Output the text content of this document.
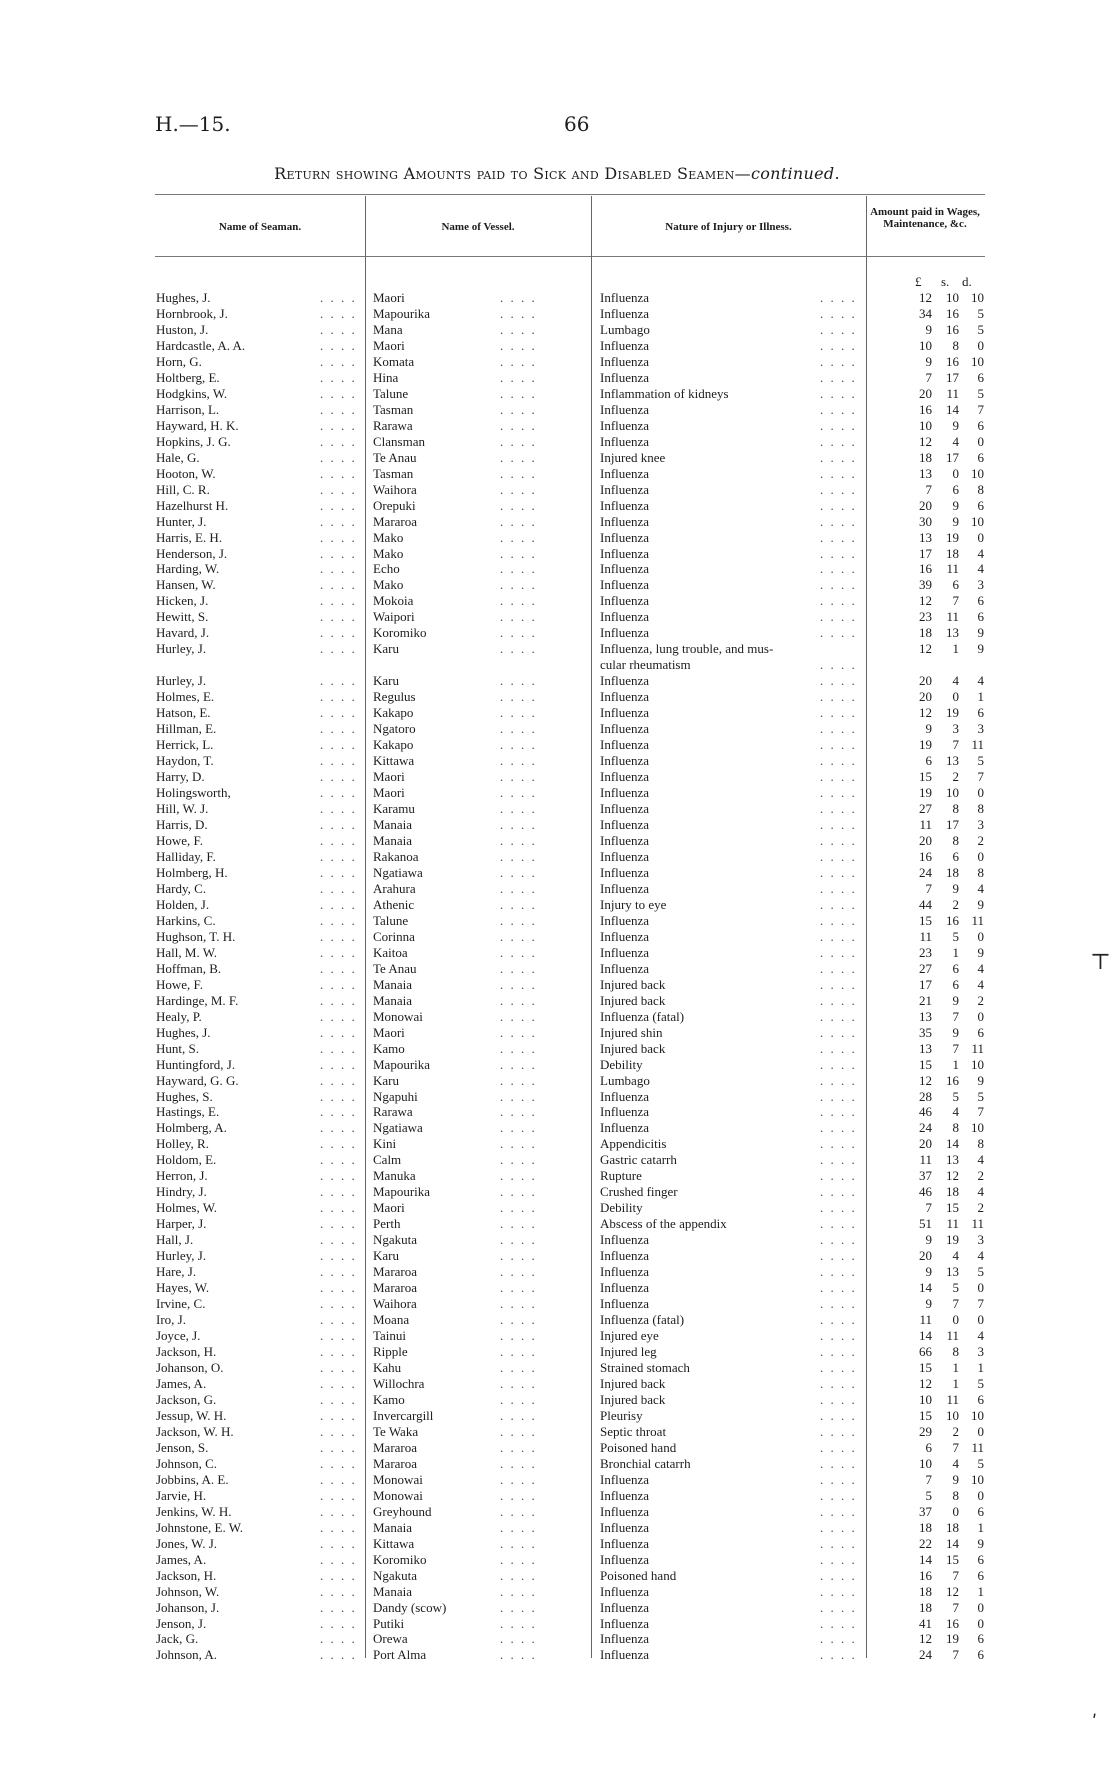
H.—15.	66
Return showing Amounts paid to Sick and Disabled Seamen—continued.
Name of Seaman.	Name of Vessel.	Nature of Injury or Illness.
Amount paid in Wages, Maintenance, &c.
£ s. d.
Hughes, J.	. . . . Maori	. . . .	Influenza	. . . .	12	10 10
Hornbrook, J.	. . . . Mapourika	. . . .	Influenza	. . . .	34	16	5
Huston, J.	. . . . Mana	. . . .	Lumbago	. . . .	9	16	5
Hardcastle, A. A.	. . . . Maori	. . . .	Influenza	. . . .	10	8	0
Horn, G.	. . . . Komata	. . . .	Influenza	. . . .	9	16 10
Holtberg, E.	. . . . Hina	. . . .	Influenza	. . . .	7	17	6
Hodgkins, W.	. . . . Talune	. . . .	Inflammation of kidneys	. . . .	20	11	5
Harrison, L.	. . . . Tasman	. . . .	Influenza	. . . .	16	14	7
Hayward, H. K.	. . . . Rarawa	. . . .	Influenza	. . . .	10	9	6
Hopkins, J. G.	. . . . Clansman	. . . .	Influenza	. . . .	12	4	0
Hale, G.	. . . . Te Anau	. . . .	Injured knee	. . . .	18	17	6
Hooton, W.	. . . . Tasman	. . . .	Influenza	. . . .	13	0 10
Hill, C. R.	. . . . Waihora	. . . .	Influenza	. . . .	7	6	8
Hazelhurst H.	. . . . Orepuki	. . . .	Influenza	. . . .	20	9	6
Hunter, J.	. . . . Mararoa	. . . .	Influenza	. . . .	30	9 10
Harris, E. H.	. . . . Mako	. . . .	Influenza	. . . .	13	19	0
Henderson, J.	. . . . Mako	. . . .	Influenza	. . . .	17	18	4
Harding, W.	. . . . Echo	. . . .	Influenza	. . . .	16	11	4
Hansen, W.	. . . . Mako	. . . .	Influenza	. . . .	39	6	3
Hicken, J.	. . . . Mokoia	. . . .	Influenza	. . . .	12	7	6
Hewitt, S.	. . . . Waipori	. . . .	Influenza	. . . .	23	11	6
Havard, J.	. . . . Koromiko	. . . .	Influenza	. . . .	18	13	9
Hurley, J.	. . . . Karu	. . . .	Influenza, lung trouble, and mus-	12	1	9
cular rheumatism	. . . .
Hurley, J.	. . . . Karu	. . . .	Influenza	. . . .	20	4	4
Holmes, E.	. . . . Regulus	. . . .	Influenza	. . . .	20	0	1
Hatson, E.	. . . . Kakapo	. . . .	Influenza	. . . .	12	19	6
Hillman, E.	. . . . Ngatoro	. . . .	Influenza	. . . .	9	3	3
Herrick, L.	. . . . Kakapo	. . . .	Influenza	. . . .	19	7 11
Haydon, T.	. . . . Kittawa	. . . .	Influenza	. . . .	6	13	5
Harry, D.	. . . . Maori	. . . .	Influenza	. . . .	15	2	7
Holingsworth,	. . . . Maori	. . . .	Influenza	. . . .	19	10	0
Hill, W. J.	. . . . Karamu	. . . .	Influenza	. . . .	27	8	8
Harris, D.	. . . . Manaia	. . . .	Influenza	. . . .	11	17	3
Howe, F.	. . . . Manaia	. . . .	Influenza	. . . .	20	8	2
Halliday, F.	. . . . Rakanoa	. . . .	Influenza	. . . .	16	6	0
Holmberg, H.	. . . . Ngatiawa	. . . .	Influenza	. . . .	24	18	8
Hardy, C.	. . . . Arahura	. . . .	Influenza	. . . .	7	9	4
Holden, J.	. . . . Athenic	. . . .	Injury to eye	. . . .	44	2	9
Harkins, C.	. . . . Talune	. . . .	Influenza	. . . .	15	16 11
Hughson, T. H.	. . . . Corinna	. . . .	Influenza	. . . .	11	5	0
Hall, M. W.	. . . . Kaitoa	. . . .	Influenza	. . . .	23	1	9
Hoffman, B.	. . . . Te Anau	. . . .	Influenza	. . . .	27	6	4
Howe, F.	. . . . Manaia	. . . .	Injured back	. . . .	17	6	4
Hardinge, M. F.	. . . . Manaia	. . . .	Injured back	. . . .	21	9	2
Healy, P.	. . . . Monowai	. . . .	Influenza (fatal)	. . . .	13	7	0
Hughes, J.	. . . . Maori	. . . .	Injured shin	. . . .	35	9	6
Hunt, S.	. . . . Kamo	. . . .	Injured back	. . . .	13	7 11
Huntingford, J.	. . . . Mapourika	. . . .	Debility	. . . .	15	1 10
Hayward, G. G.	. . . . Karu	. . . .	Lumbago	. . . .	12	16	9
Hughes, S.	. . . . Ngapuhi	. . . .	Influenza	. . . .	28	5	5
Hastings, E.	. . . . Rarawa	. . . .	Influenza	. . . .	46	4	7
Holmberg, A.	. . . . Ngatiawa	. . . .	Influenza	. . . .	24	8 10
Holley, R.	. . . . Kini	. . . .	Appendicitis	. . . .	20	14	8
Holdom, E.	. . . . Calm	. . . .	Gastric catarrh	. . . .	11	13	4
Herron, J.	. . . . Manuka	. . . .	Rupture	. . . .	37	12	2
Hindry, J.	. . . . Mapourika	. . . .	Crushed finger	. . . .	46	18	4
Holmes, W.	. . . . Maori	. . . .	Debility	. . . .	7	15	2
Harper, J.	. . . . Perth	. . . .	Abscess of the appendix	. . . .	51	11 11
Hall, J.	. . . . Ngakuta	. . . .	Influenza	. . . .	9	19	3
Hurley, J.	. . . . Karu	. . . .	Influenza	. . . .	20	4	4
Hare, J.	. . . . Mararoa	. . . .	Influenza	. . . .	9	13	5
Hayes, W.	. . . . Mararoa	. . . .	Influenza	. . . .	14	5	0
Irvine, C.	. . . . Waihora	. . . .	Influenza	. . . .	9	7	7
Iro, J.	. . . . Moana	. . . .	Influenza (fatal)	. . . .	11	0	0
Joyce, J.	. . . . Tainui	. . . .	Injured eye	. . . .	14	11	4
Jackson, H.	. . . . Ripple	. . . .	Injured leg	. . . .	66	8	3
Johanson, O.	. . . . Kahu	. . . .	Strained stomach	. . . .	15	1	1
James, A.	. . . . Willochra	. . . .	Injured back	. . . .	12	1	5
Jackson, G.	. . . . Kamo	. . . .	Injured back	. . . .	10	11	6
Jessup, W. H.	. . . . Invercargill	. . . .	Pleurisy	. . . .	15	10 10
Jackson, W. H.	. . . . Te Waka	. . . .	Septic throat	. . . .	29	2	0
Jenson, S.	. . . . Mararoa	. . . .	Poisoned hand	. . . .	6	7 11
Johnson, C.	. . . . Mararoa	. . . .	Bronchial catarrh	. . . .	10	4	5
Jobbins, A. E.	. . . . Monowai	. . . .	Influenza	. . . .	7	9 10
Jarvie, H.	. . . . Monowai	. . . .	Influenza	. . . .	5	8	0
Jenkins, W. H.	. . . . Greyhound	. . . .	Influenza	. . . .	37	0	6
Johnstone, E. W.	. . . . Manaia	. . . .	Influenza	. . . .	18	18	1
Jones, W. J.	. . . . Kittawa	. . . .	Influenza	. . . .	22	14	9
James, A.	. . . . Koromiko	. . . .	Influenza	. . . .	14	15	6
Jackson, H.	. . . . Ngakuta	. . . .	Poisoned hand	. . . .	16	7	6
Johnson, W.	. . . . Manaia	. . . .	Influenza	. . . .	18	12	1
Johanson, J.	. . . . Dandy (scow)	. . . .	Influenza	. . . .	18	7	0
Jenson, J.	. . . . Putiki	. . . .	Influenza	. . . .	41	16	0
Jack, G.	. . . . Orewa	. . . .	Influenza	. . . .	12	19	6
Johnson, A.	. . . . Port Alma	. . . .	Influenza	. . . .	24	7	6
⊤
ʹ
